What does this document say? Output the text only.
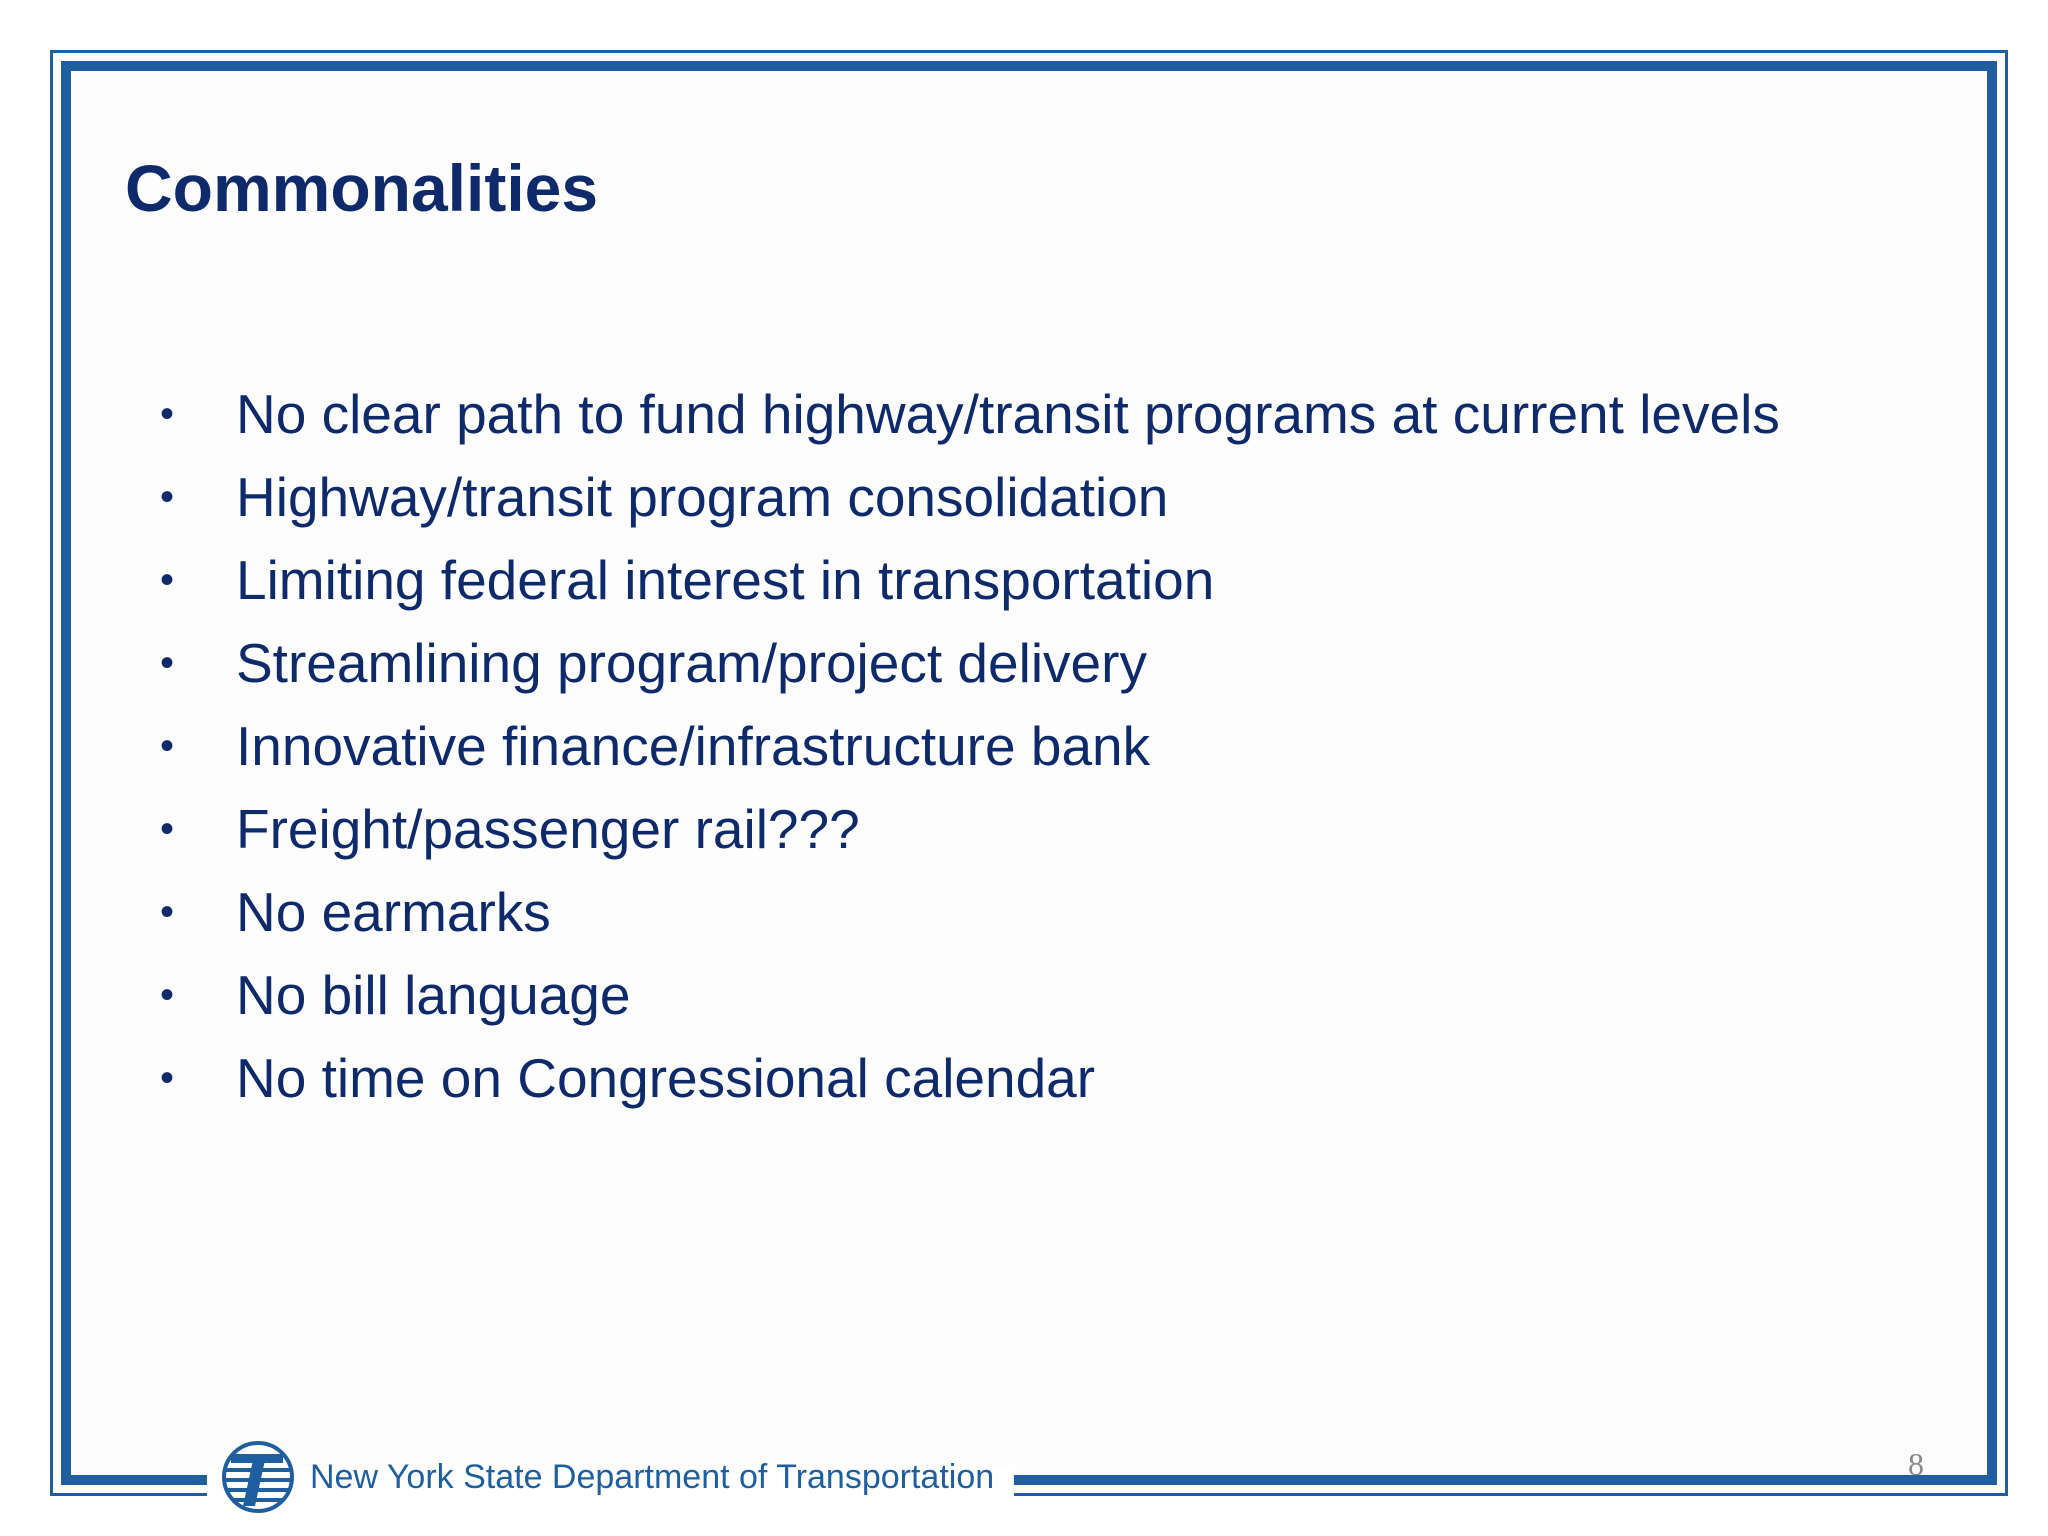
Commonalities
• No clear path to fund highway/transit programs at current levels
• Highway/transit program consolidation
• Limiting federal interest in transportation
• Streamlining program/project delivery
• Innovative finance/infrastructure bank
• Freight/passenger rail???
• No earmarks
• No bill language
• No time on Congressional calendar
New York State Department of Transportation	8
